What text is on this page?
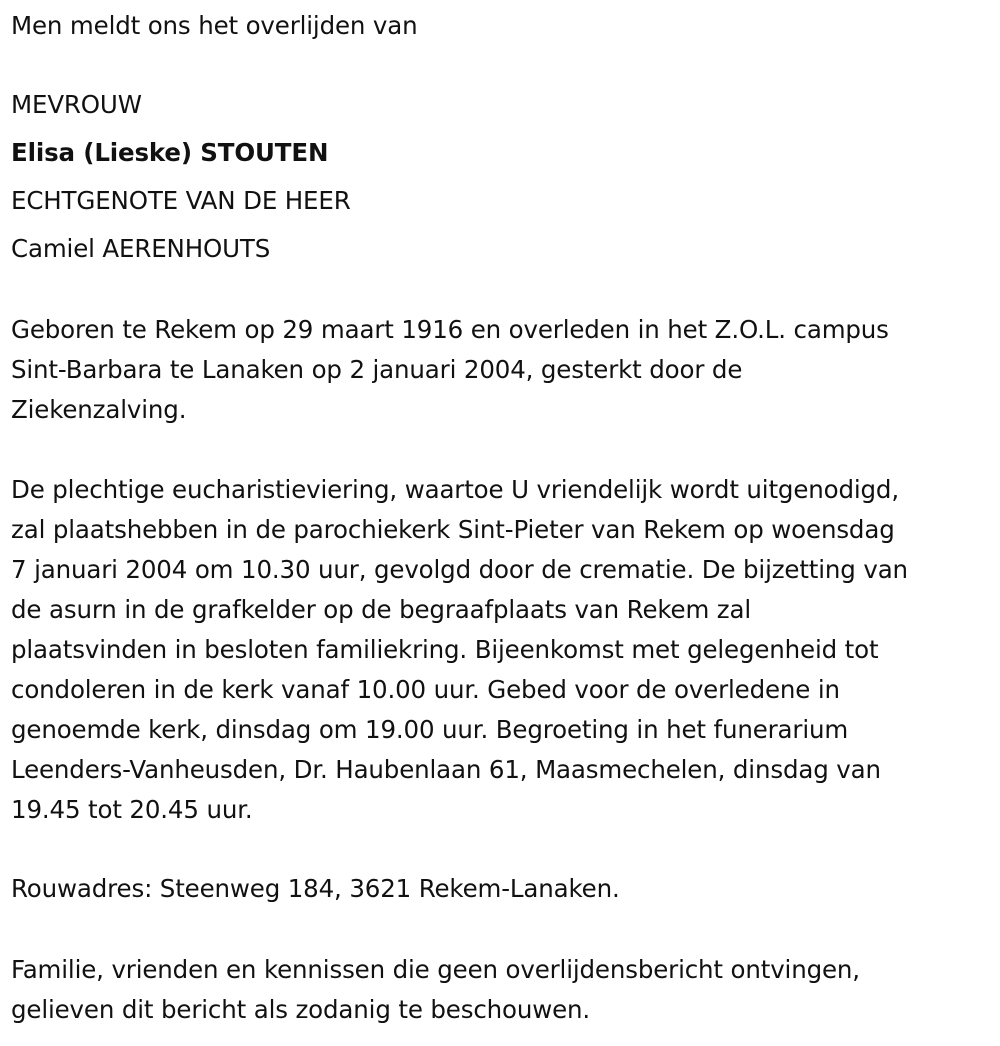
Men meldt ons het overlijden van

MEVROUW

Elisa (Lieske) STOUTEN

ECHTGENOTE VAN DE HEER

Camiel AERENHOUTS

Geboren te Rekem op 29 maart 1916 en overleden in het Z.O.L. campus

Sint-Barbara te Lanaken op 2 januari 2004, gesterkt door de

Ziekenzalving.

De plechtige eucharistieviering, waartoe U vriendelijk wordt uitgenodigd,

zal plaatshebben in de parochiekerk Sint-Pieter van Rekem op woensdag

7 januari 2004 om 10.30 uur, gevolgd door de crematie. De bijzetting van

de asurn in de grafkelder op de begraafplaats van Rekem zal

plaatsvinden in besloten familiekring. Bijeenkomst met gelegenheid tot

condoleren in de kerk vanaf 10.00 uur. Gebed voor de overledene in

genoemde kerk, dinsdag om 19.00 uur. Begroeting in het funerarium

Leenders-Vanheusden, Dr. Haubenlaan 61, Maasmechelen, dinsdag van

19.45 tot 20.45 uur.

Rouwadres: Steenweg 184, 3621 Rekem-Lanaken.

Familie, vrienden en kennissen die geen overlijdensbericht ontvingen,

gelieven dit bericht als zodanig te beschouwen.
